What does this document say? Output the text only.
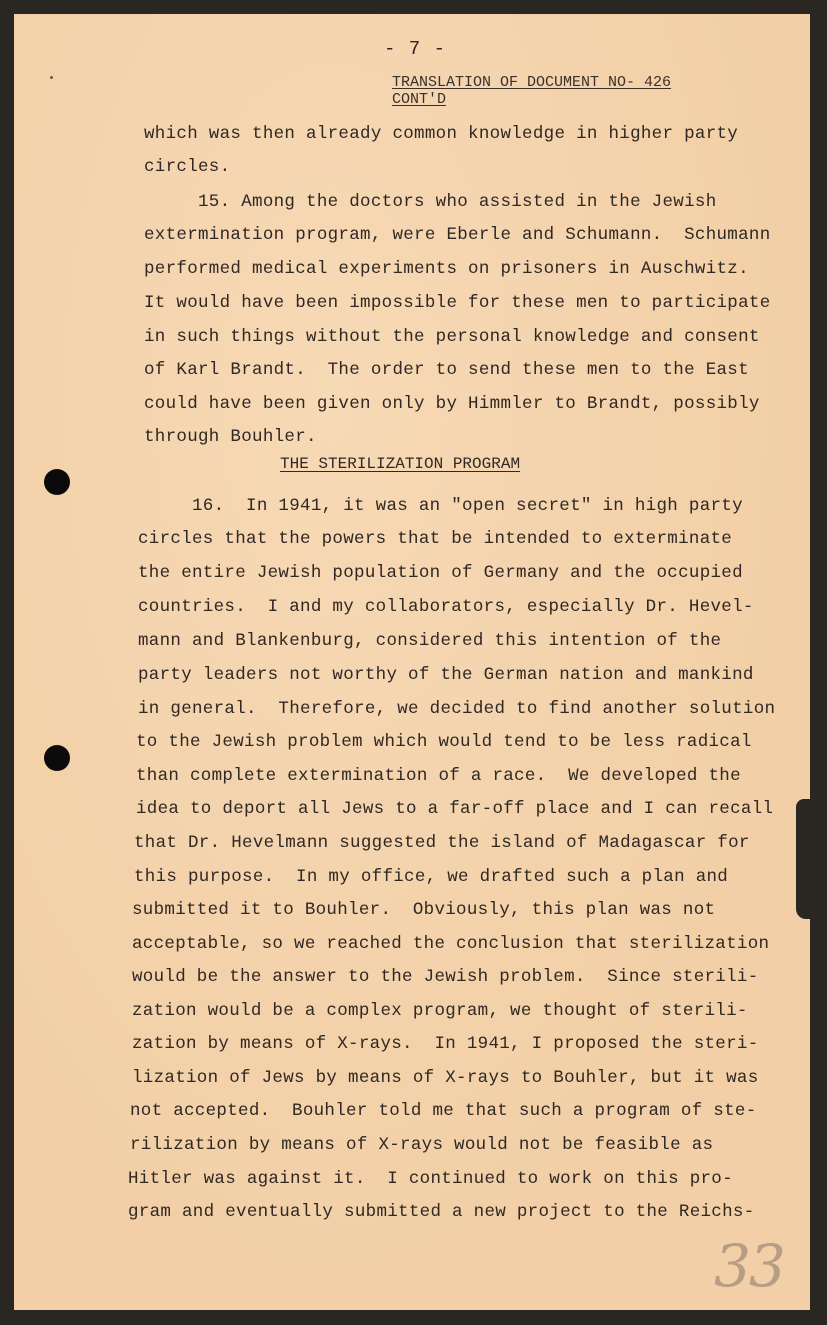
- 7 -
TRANSLATION OF DOCUMENT NO- 426
CONT'D
which was then already common knowledge in higher party
circles.
15. Among the doctors who assisted in the Jewish
extermination program, were Eberle and Schumann.  Schumann
performed medical experiments on prisoners in Auschwitz.
It would have been impossible for these men to participate
in such things without the personal knowledge and consent
of Karl Brandt.  The order to send these men to the East
could have been given only by Himmler to Brandt, possibly
through Bouhler.
THE STERILIZATION PROGRAM
16.  In 1941, it was an "open secret" in high party
circles that the powers that be intended to exterminate
the entire Jewish population of Germany and the occupied
countries.  I and my collaborators, especially Dr. Hevel-
mann and Blankenburg, considered this intention of the
party leaders not worthy of the German nation and mankind
in general.  Therefore, we decided to find another solution
to the Jewish problem which would tend to be less radical
than complete extermination of a race.  We developed the
idea to deport all Jews to a far-off place and I can recall
that Dr. Hevelmann suggested the island of Madagascar for
this purpose.  In my office, we drafted such a plan and
submitted it to Bouhler.  Obviously, this plan was not
acceptable, so we reached the conclusion that sterilization
would be the answer to the Jewish problem.  Since sterili-
zation would be a complex program, we thought of sterili-
zation by means of X-rays.  In 1941, I proposed the steri-
lization of Jews by means of X-rays to Bouhler, but it was
not accepted.  Bouhler told me that such a program of ste-
rilization by means of X-rays would not be feasible as
Hitler was against it.  I continued to work on this pro-
gram and eventually submitted a new project to the Reichs-
33
